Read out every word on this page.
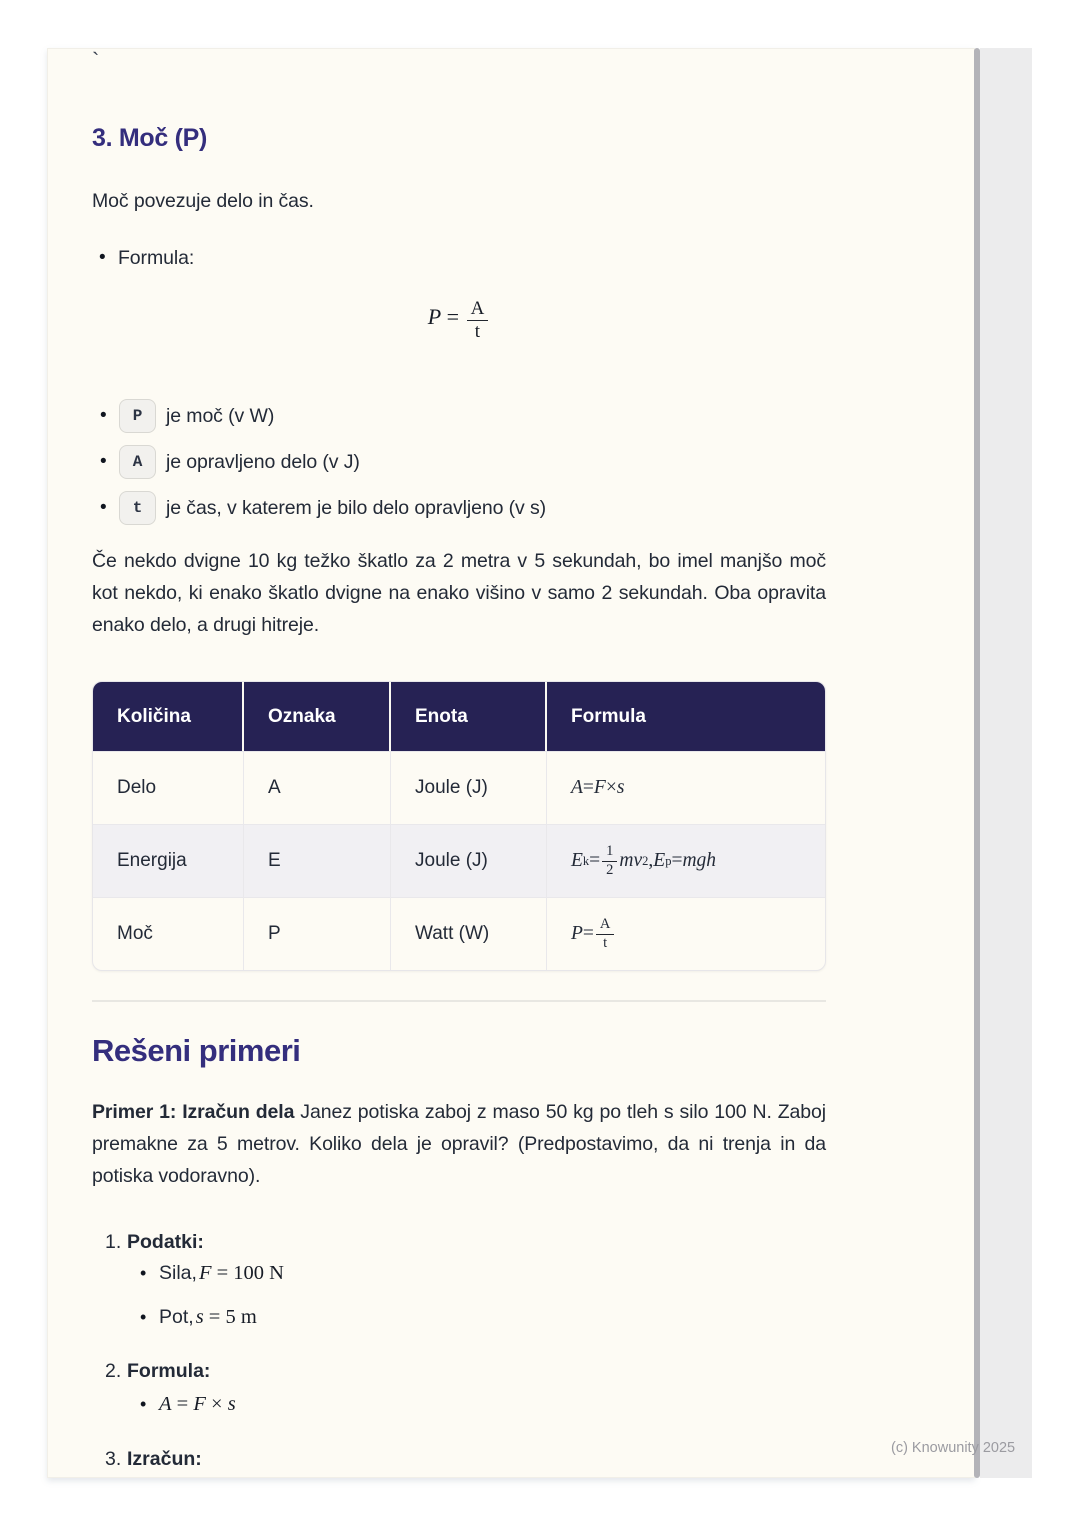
`
3. Moč (P)

Moč povezuje delo in čas.

• Formula:
$P = \frac{A}{t}$
•	P	je moč (v W)
•	A	je opravljeno delo (v J)
•	t	je čas, v katerem je bilo delo opravljeno (v s)

Če nekdo dvigne 10 kg težko škatlo za 2 metra v 5 sekundah, bo imel manjšo moč kot nekdo, ki enako škatlo dvigne na enako višino v samo 2 sekundah. Oba opravita enako delo, a drugi hitreje.

Količina	Oznaka	Enota	Formula
Delo	A	Joule (J)	A = F × s
Energija	E	Joule (J)	E $k = \frac{1}{2}$ mv 2 , E p = mgh
Moč	P	Watt (W)	$P = \frac{A}{t}$
Rešeni primeri

Primer 1: Izračun dela Janez potiska zaboj z maso 50 kg po tleh s silo 100 N. Zaboj premakne za 5 metrov. Koliko dela je opravil? (Predpostavimo, da ni trenja in da potiska vodoravno).

1. Podatki:
• Sila, F = 100 N
• Pot, s = 5 m
2. Formula:
• A = F × s
3. Izračun:	(c) Knowunity 2025
